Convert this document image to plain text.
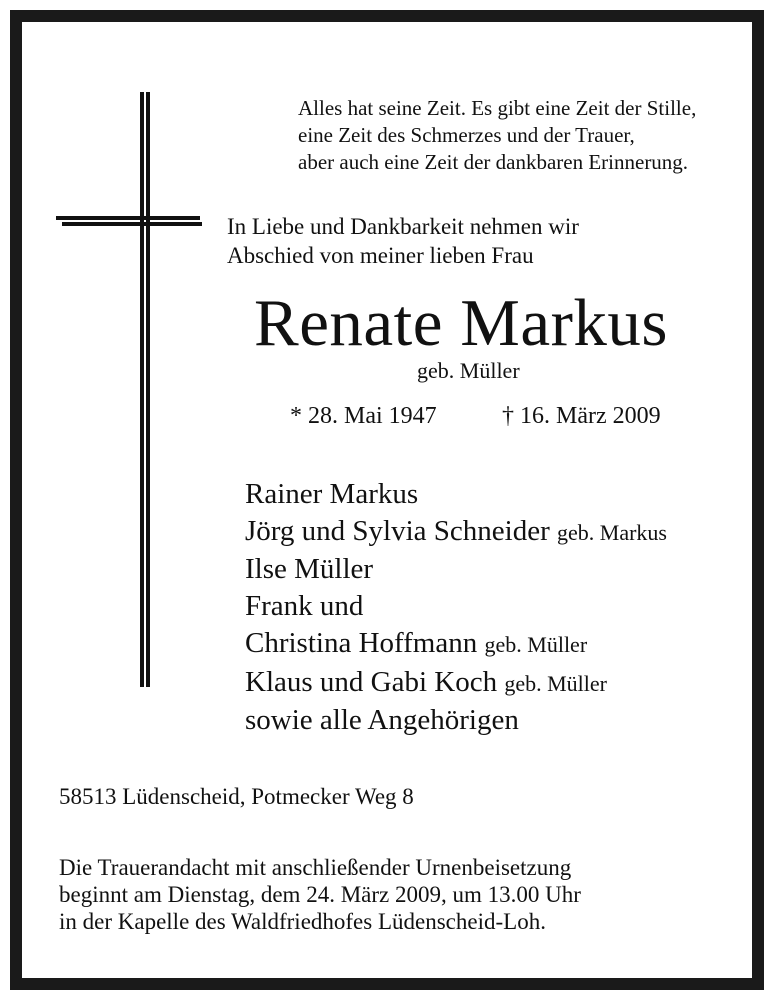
Alles hat seine Zeit. Es gibt eine Zeit der Stille,
eine Zeit des Schmerzes und der Trauer,
aber auch eine Zeit der dankbaren Erinnerung.
In Liebe und Dankbarkeit nehmen wir
Abschied von meiner lieben Frau
Renate Markus
geb. Müller
* 28. Mai 1947	† 16. März 2009
Rainer Markus
Jörg und Sylvia Schneider geb. Markus
Ilse Müller
Frank und
Christina Hoffmann geb. Müller
Klaus und Gabi Koch geb. Müller
sowie alle Angehörigen
58513 Lüdenscheid, Potmecker Weg 8
Die Trauerandacht mit anschließender Urnenbeisetzung
beginnt am Dienstag, dem 24. März 2009, um 13.00 Uhr
in der Kapelle des Waldfriedhofes Lüdenscheid-Loh.
